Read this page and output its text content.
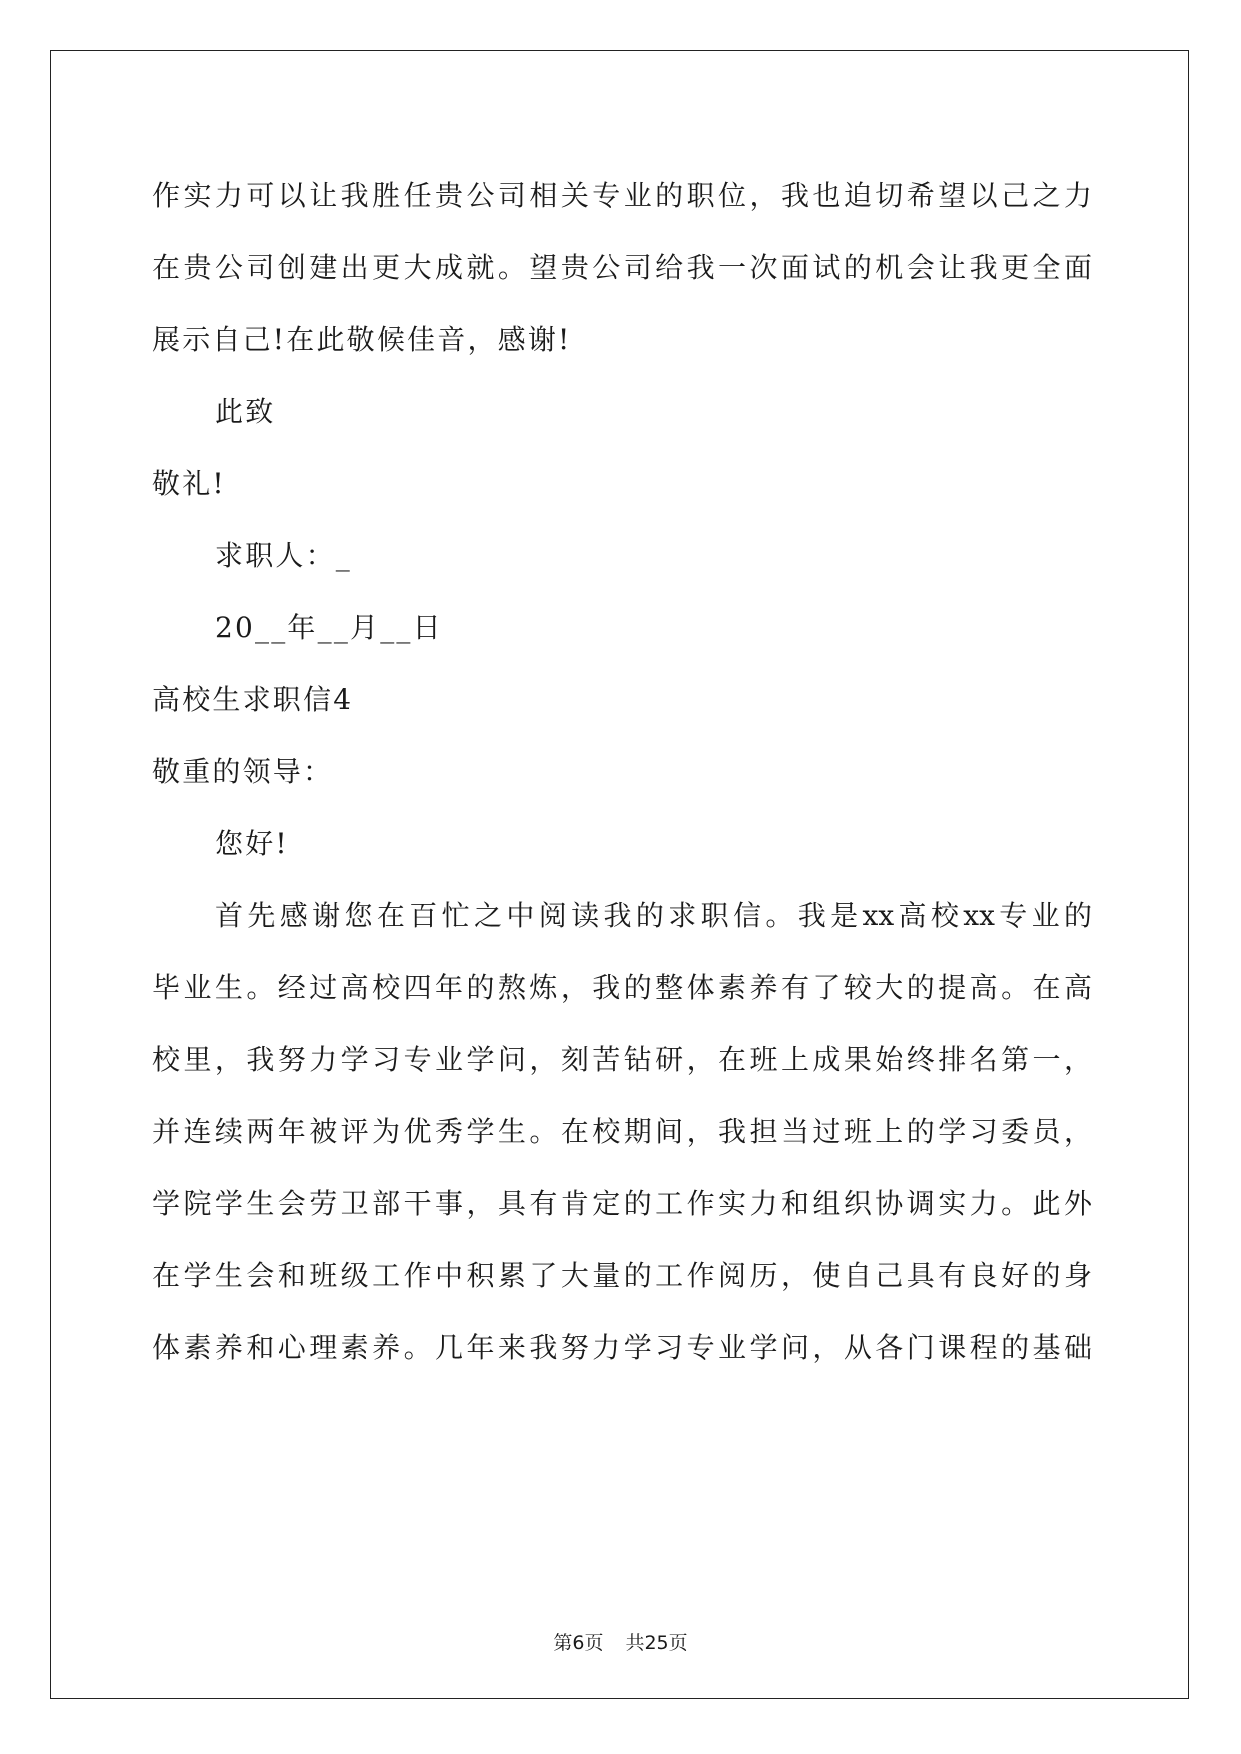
作实力可以让我胜任贵公司相关专业的职位，我也迫切希望以己之力
在贵公司创建出更大成就。望贵公司给我一次面试的机会让我更全面
展示自己!在此敬候佳音，感谢!
此致
敬礼!
求职人：_
20__年__月__日
高校生求职信4
敬重的领导：
您好!
首先感谢您在百忙之中阅读我的求职信。我是xx高校xx专业的
毕业生。经过高校四年的熬炼，我的整体素养有了较大的提高。在高
校里，我努力学习专业学问，刻苦钻研，在班上成果始终排名第一，
并连续两年被评为优秀学生。在校期间，我担当过班上的学习委员，
学院学生会劳卫部干事，具有肯定的工作实力和组织协调实力。此外
在学生会和班级工作中积累了大量的工作阅历，使自己具有良好的身
体素养和心理素养。几年来我努力学习专业学问，从各门课程的基础
第6页 共25页
